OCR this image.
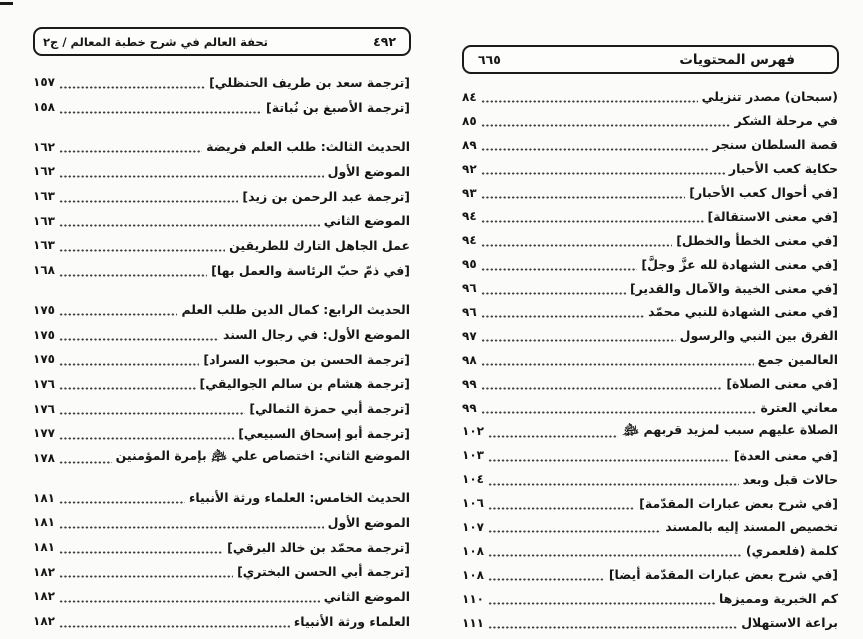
تحفة العالم في شرح خطبة المعالم / ج٢	٤٩٢
[ترجمة سعد بن طريف الحنظلي]
١٥٧
[ترجمة الأصبغ بن نُباتة]
١٥٨
الحديث الثالث: طلب العلم فريضة
١٦٢
الموضع الأول
١٦٢
[ترجمة عبد الرحمن بن زيد]
١٦٣
الموضع الثاني
١٦٣
عمل الجاهل التارك للطريقين
١٦٣
[في ذمّ حبّ الرئاسة والعمل بها]
١٦٨
الحديث الرابع: كمال الدين طلب العلم
١٧٥
الموضع الأول: في رجال السند
١٧٥
[ترجمة الحسن بن محبوب السراد]
١٧٥
[ترجمة هشام بن سالم الجواليقي]
١٧٦
[ترجمة أبي حمزة الثمالي]
١٧٦
[ترجمة أبو إسحاق السبيعي]
١٧٧
الموضع الثاني: اختصاص علي ﵇ بإمرة المؤمنين
١٧٨
الحديث الخامس: العلماء ورثة الأنبياء
١٨١
الموضع الأول
١٨١
[ترجمة محمّد بن خالد البرقي]
١٨١
[ترجمة أبي الحسن البختري]
١٨٢
الموضع الثاني
١٨٢
العلماء ورثة الأنبياء
١٨٢
٦٦٥	فهرس المحتويات
(سبحان) مصدر تنزيلي
٨٤
في مرحلة الشكر
٨٥
قصة السلطان سنجر
٨٩
حكاية كعب الأحبار
٩٢
[في أحوال كعب الأحبار]
٩٣
[في معنى الاستقالة]
٩٤
[في معنى الخطأ والخطل]
٩٤
[في معنى الشهادة لله عزَّ وجلَّ]
٩٥
[في معنى الخيبة والآمال والقدير]
٩٦
[في معنى الشهادة للنبي محمّد
٩٦
الفرق بين النبي والرسول
٩٧
العالمين جمع
٩٨
[في معنى الصلاة]
٩٩
معاني العترة
٩٩
الصلاة عليهم سبب لمزيد قربهم ﵈
١٠٢
[في معنى العدة]
١٠٣
حالات قبل وبعد
١٠٤
[في شرح بعض عبارات المقدّمة]
١٠٦
تخصيص المسند إليه بالمسند
١٠٧
كلمة (فلعمري)
١٠٨
[في شرح بعض عبارات المقدّمة أيضا]
١٠٨
كم الخبرية ومميزها
١١٠
براعة الاستهلال
١١١
